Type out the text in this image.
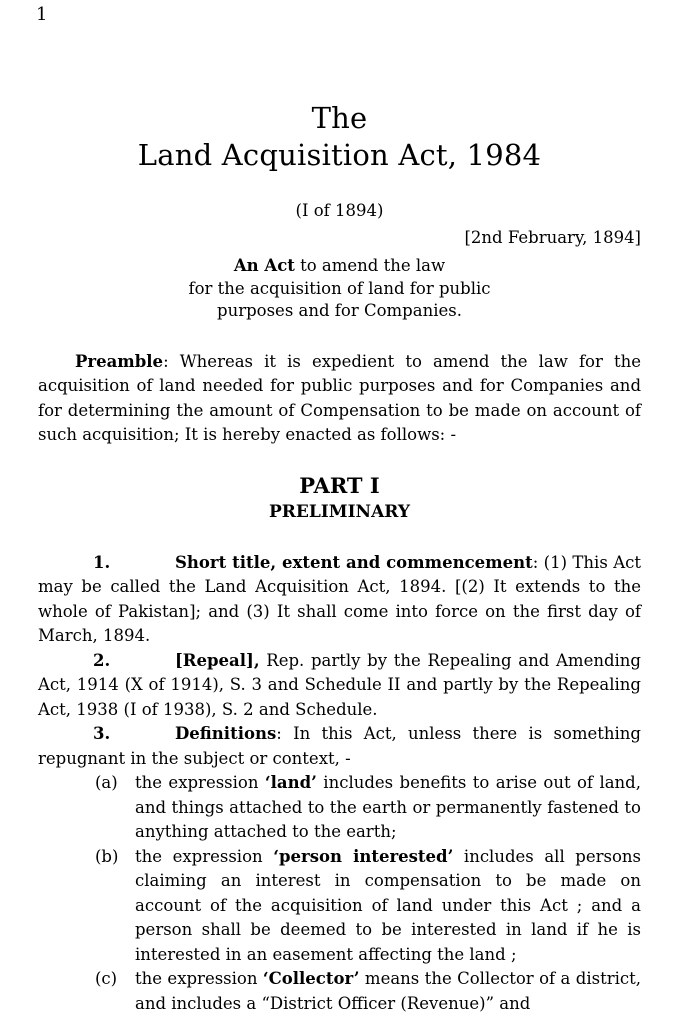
1
The
Land Acquisition Act, 1984
(I of 1894)
[2nd February, 1894]
An Act to amend the law
for the acquisition of land for public
purposes and for Companies.

Preamble: Whereas it is expedient to amend the law for the acquisition of land needed for public purposes and for Companies and for determining the amount of Compensation to be made on account of such acquisition; It is hereby enacted as follows: -

PART I
PRELIMINARY

1.	Short title, extent and commencement: (1) This Act may be called the Land Acquisition Act, 1894. [(2) It extends to the whole of Pakistan]; and (3) It shall come into force on the first day of March, 1894.

2.	[Repeal], Rep. partly by the Repealing and Amending Act, 1914 (X of 1914), S. 3 and Schedule II and partly by the Repealing Act, 1938 (I of 1938), S. 2 and Schedule.

3.	Definitions: In this Act, unless there is something repugnant in the subject or context, -

(a)	the expression ‘land’ includes benefits to arise out of land, and things attached to the earth or permanently fastened to anything attached to the earth;
(b)	the expression ‘person interested’ includes all persons claiming an interest in compensation to be made on account of the acquisition of land under this Act ; and a person shall be deemed to be interested in land if he is interested in an easement affecting the land ;
(c)	the expression ‘Collector’ means the Collector of a district, and includes a “District Officer (Revenue)” and
